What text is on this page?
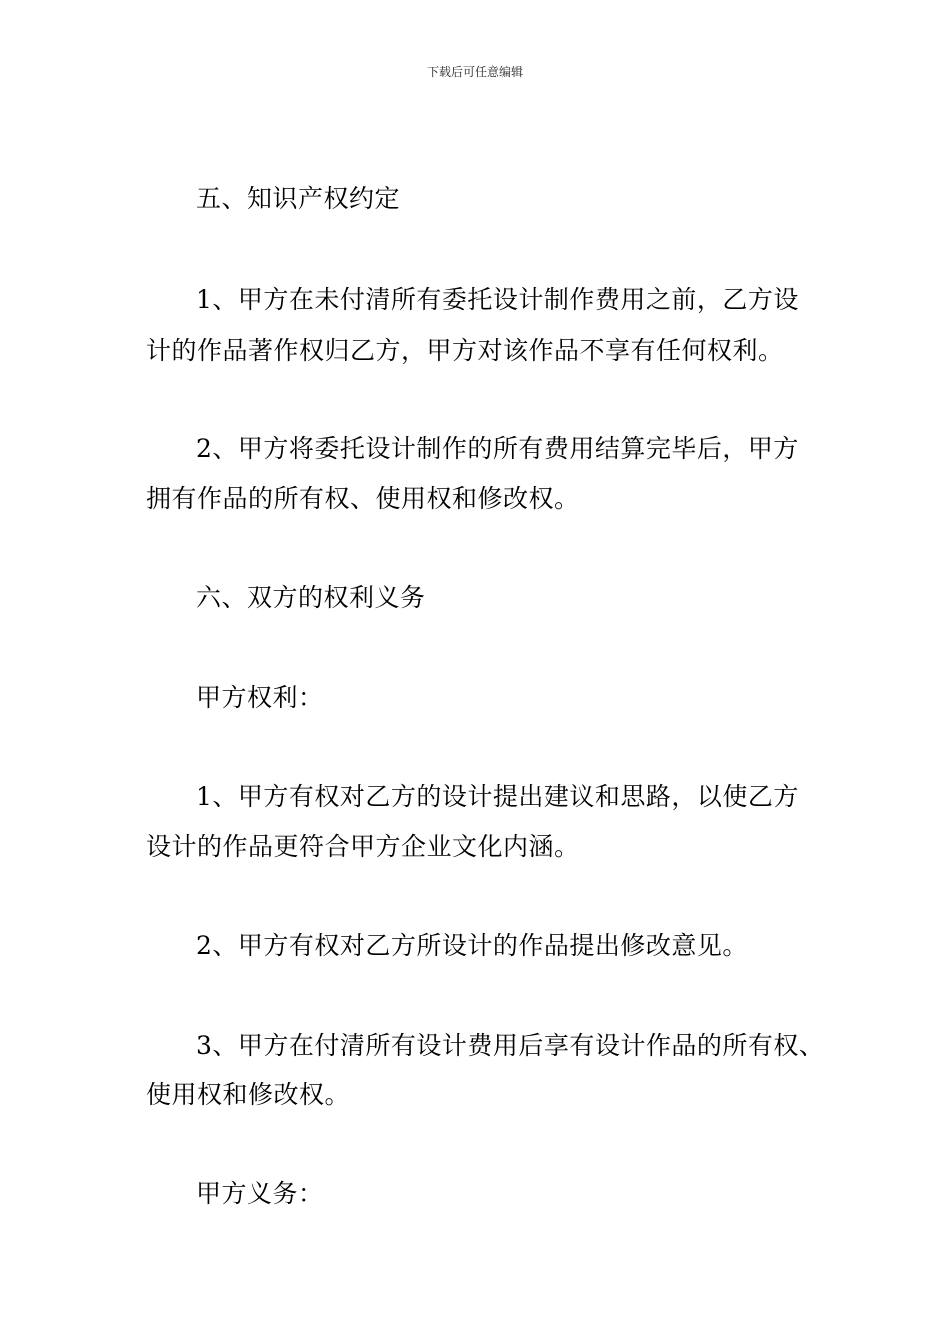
下载后可任意编辑
五、知识产权约定
1、甲方在未付清所有委托设计制作费用之前，乙方设
计的作品著作权归乙方，甲方对该作品不享有任何权利。
2、甲方将委托设计制作的所有费用结算完毕后，甲方
拥有作品的所有权、使用权和修改权。
六、双方的权利义务
甲方权利：
1、甲方有权对乙方的设计提出建议和思路，以使乙方
设计的作品更符合甲方企业文化内涵。
2、甲方有权对乙方所设计的作品提出修改意见。
3、甲方在付清所有设计费用后享有设计作品的所有权、
使用权和修改权。
甲方义务：
